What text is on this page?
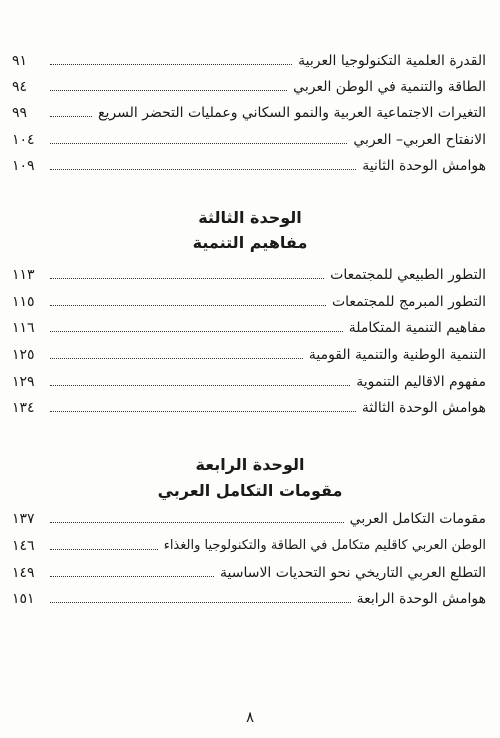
القدرة العلمية التكنولوجيا العربية
٩١
الطاقة والتنمية في الوطن العربي
٩٤
التغيرات الاجتماعية العربية والنمو السكاني وعمليات التحضر السريع
٩٩
الانفتاح العربي– العربي
١٠٤
هوامش الوحدة الثانية
١٠٩
الوحدة الثالثة
مفاهيم التنمية
التطور الطبيعي للمجتمعات
١١٣
التطور المبرمج للمجتمعات
١١٥
مفاهيم التنمية المتكاملة
١١٦
التنمية الوطنية والتنمية القومية
١٢٥
مفهوم الاقاليم التنموية
١٢٩
هوامش الوحدة الثالثة
١٣٤
الوحدة الرابعة
مقومات التكامل العربي
مقومات التكامل العربي
١٣٧
الوطن العربي كاقليم متكامل في الطاقة والتكنولوجيا والغذاء
١٤٦
التطلع العربي التاريخي نحو التحديات الاساسية
١٤٩
هوامش الوحدة الرابعة
١٥١
٨
